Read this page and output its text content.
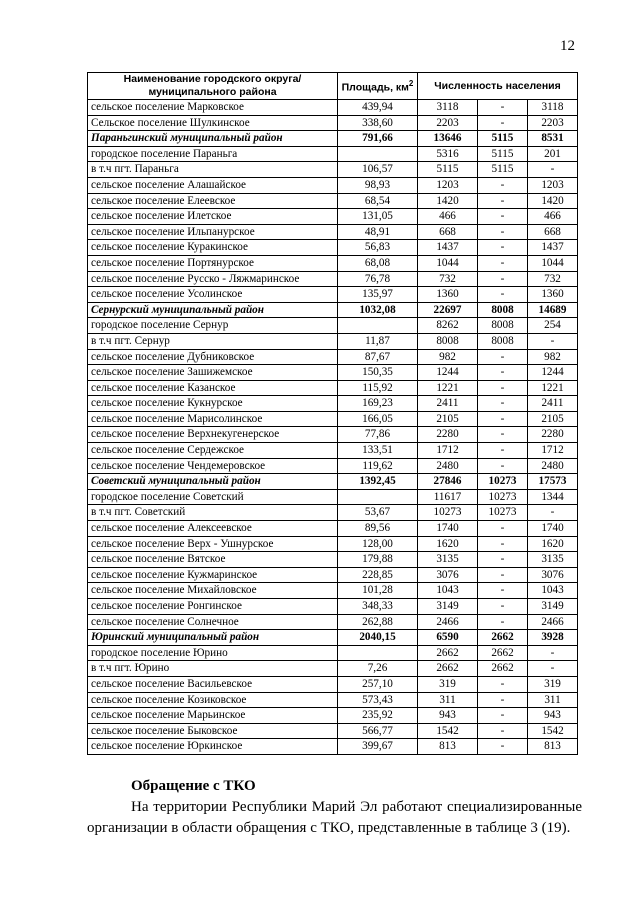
12
Наименование городского округа/ муниципального района	Площадь, $км^2$	Численность населения		
сельское поселение Марковское	439,94	3118	-	3118
Сельское поселение Шулкинское	338,60	2203	-	2203
Параньгинский муниципальный район	791,66	13646	5115	8531
городское поселение Параньга		5316	5115	201
в т.ч пгт. Параньга	106,57	5115	5115	-
сельское поселение Алашайское	98,93	1203	-	1203
сельское поселение Елеевское	68,54	1420	-	1420
сельское поселение Илетское	131,05	466	-	466
сельское поселение Ильпанурское	48,91	668	-	668
сельское поселение Куракинское	56,83	1437	-	1437
сельское поселение Портянурское	68,08	1044	-	1044
сельское поселение Русско - Ляжмаринское	76,78	732	-	732
сельское поселение Усолинское	135,97	1360	-	1360
Сернурский муниципальный район	1032,08	22697	8008	14689
городское поселение Сернур		8262	8008	254
в т.ч пгт. Сернур	11,87	8008	8008	-
сельское поселение Дубниковское	87,67	982	-	982
сельское поселение Зашижемское	150,35	1244	-	1244
сельское поселение Казанское	115,92	1221	-	1221
сельское поселение Кукнурское	169,23	2411	-	2411
сельское поселение Марисолинское	166,05	2105	-	2105
сельское поселение Верхнекугенерское	77,86	2280	-	2280
сельское поселение Сердежское	133,51	1712	-	1712
сельское поселение Чендемеровское	119,62	2480	-	2480
Советский муниципальный район	1392,45	27846	10273	17573
городское поселение Советский		11617	10273	1344
в т.ч пгт. Советский	53,67	10273	10273	-
сельское поселение Алексеевское	89,56	1740	-	1740
сельское поселение Верх - Ушнурское	128,00	1620	-	1620
сельское поселение Вятское	179,88	3135	-	3135
сельское поселение Кужмаринское	228,85	3076	-	3076
сельское поселение Михайловское	101,28	1043	-	1043
сельское поселение Ронгинское	348,33	3149	-	3149
сельское поселение Солнечное	262,88	2466	-	2466
Юринский муниципальный район	2040,15	6590	2662	3928
городское поселение Юрино		2662	2662	-
в т.ч пгт. Юрино	7,26	2662	2662	-
сельское поселение Васильевское	257,10	319	-	319
сельское поселение Козиковское	573,43	311	-	311
сельское поселение Марьинское	235,92	943	-	943
сельское поселение Быковское	566,77	1542	-	1542
сельское поселение Юркинское	399,67	813	-	813
Обращение с ТКО
На территории Республики Марий Эл работают специализированные организации в области обращения с ТКО, представленные в таблице 3 (19).
